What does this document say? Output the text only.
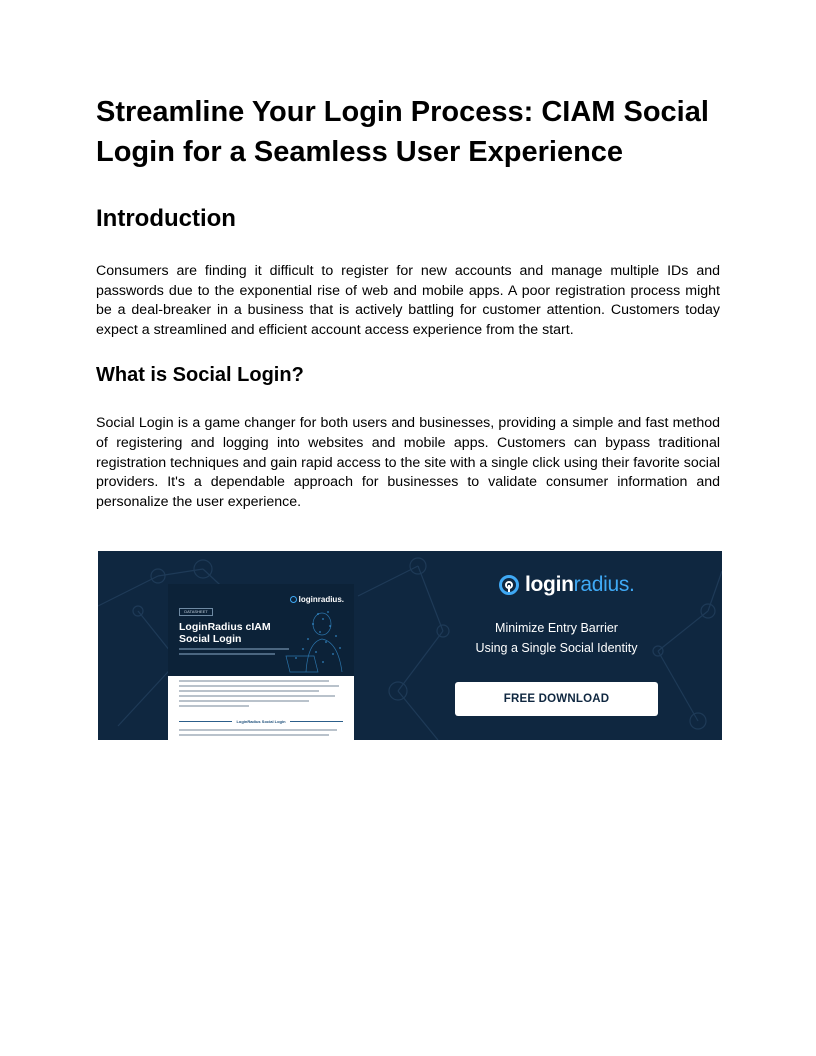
Streamline Your Login Process: CIAM Social Login for a Seamless User Experience
Introduction

Consumers are finding it difficult to register for new accounts and manage multiple IDs and passwords due to the exponential rise of web and mobile apps. A poor registration process might be a deal-breaker in a business that is actively battling for customer attention. Customers today expect a streamlined and efficient account access experience from the start.

What is Social Login?

Social Login is a game changer for both users and businesses, providing a simple and fast method of registering and logging into websites and mobile apps. Customers can bypass traditional registration techniques and gain rapid access to the site with a single click using their favorite social providers. It's a dependable approach for businesses to validate consumer information and personalize the user experience.

DATASHEET
loginradius.
LoginRadius cIAM
Social Login
LoginRadius Social Login
loginradius.
Minimize Entry Barrier
Using a Single Social Identity
FREE DOWNLOAD
